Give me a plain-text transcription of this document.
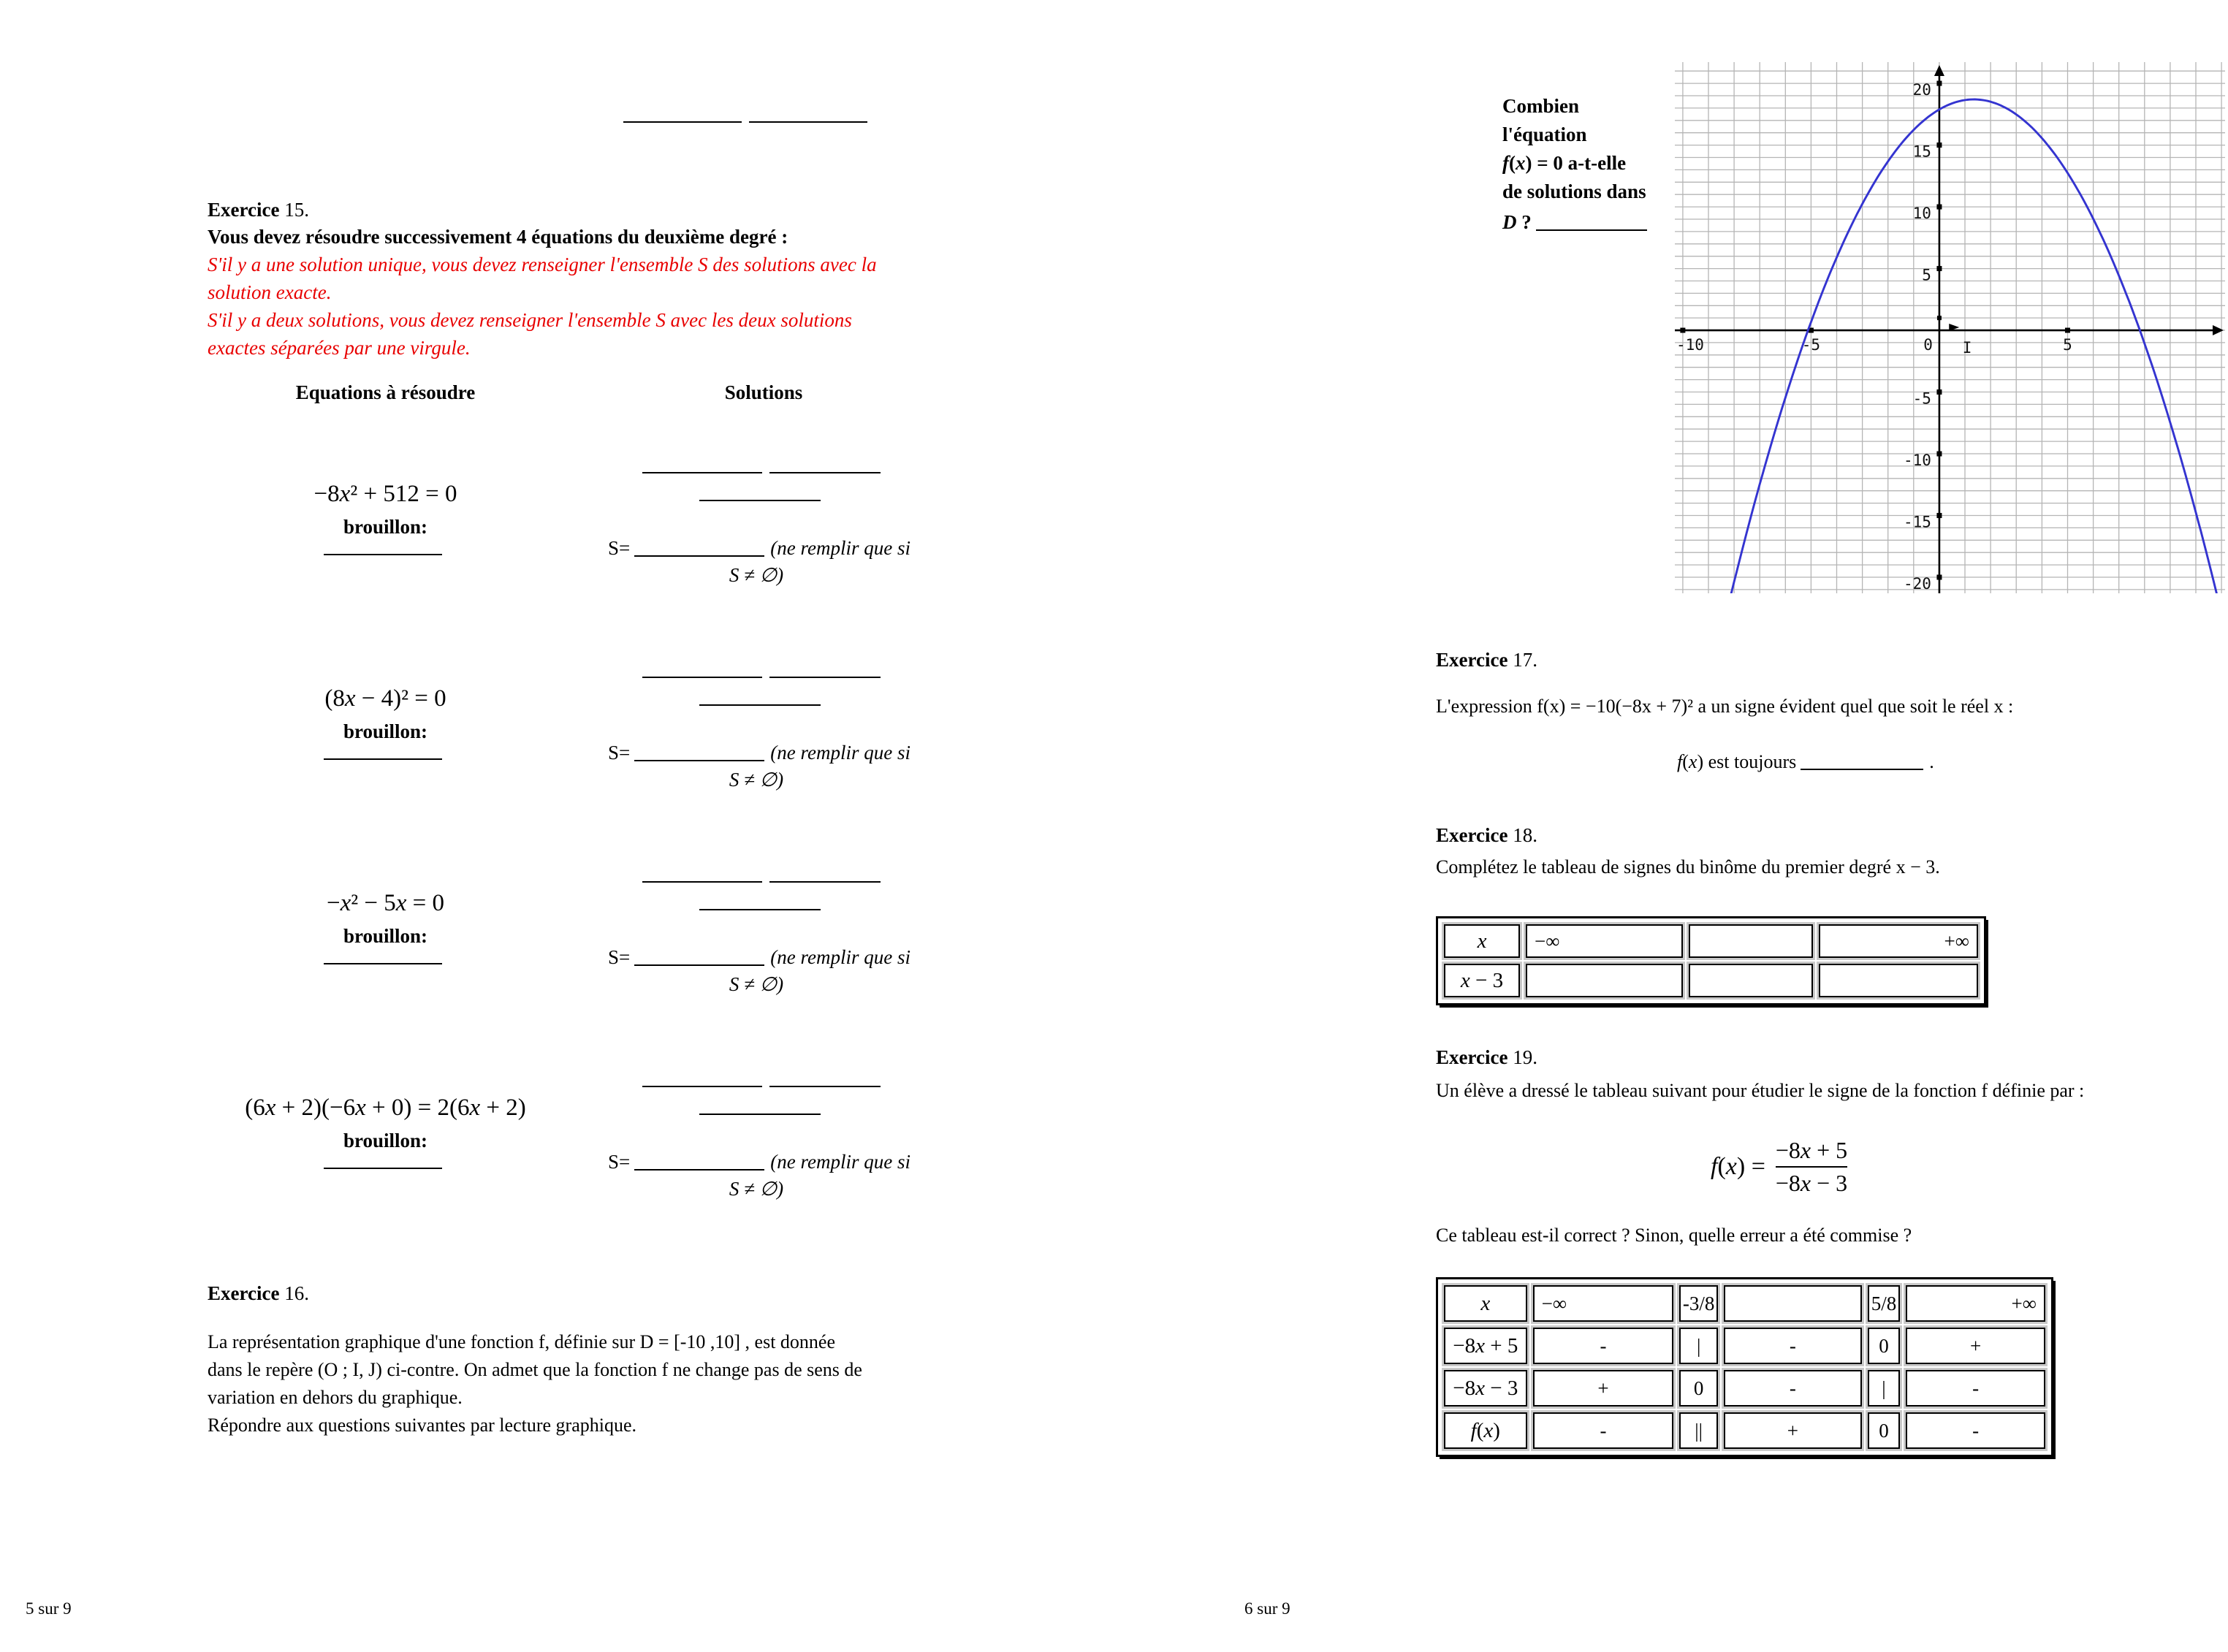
Exercice 15.
Vous devez résoudre successivement 4 équations du deuxième degré :
S'il y a une solution unique, vous devez renseigner l'ensemble S des solutions avec la
solution exacte.
S'il y a deux solutions, vous devez renseigner l'ensemble S avec les deux solutions
exactes séparées par une virgule.
Equations à résoudre	Solutions
−8x² + 512 = 0
brouillon:
S=	(ne remplir que si
S ≠ ∅)
(8x − 4)² = 0
brouillon:
S=	(ne remplir que si
S ≠ ∅)
−x² − 5x = 0
brouillon:
S=	(ne remplir que si
S ≠ ∅)
(6x + 2)(−6x + 0) = 2(6x + 2)
brouillon:
S=	(ne remplir que si
S ≠ ∅)
Exercice 16.
La représentation graphique d'une fonction f, définie sur D = [-10 ,10] , est donnée
dans le repère (O ; I, J) ci-contre. On admet que la fonction f ne change pas de sens de
variation en dehors du graphique.
Répondre aux questions suivantes par lecture graphique.
5 sur 9
Combien
l'équation
f(x) = 0 a-t-elle
de solutions dans
D ?
20
15
10
5
-5
-10
-15
-20
-10	-5	0	5
I
Exercice 17.
L'expression f(x) = −10(−8x + 7)² a un signe évident quel que soit le réel x :
f(x) est toujours	.
Exercice 18.
Complétez le tableau de signes du binôme du premier degré x − 3.
x	−∞		+∞
x − 3			
Exercice 19.
Un élève a dressé le tableau suivant pour étudier le signe de la fonction f définie par :
$f(x) = \frac{-8x + 5}{-8x - 3}$
Ce tableau est-il correct ? Sinon, quelle erreur a été commise ?
x	−∞	-3/8		5/8	+∞
−8x + 5	-	|	-	0	+
−8x − 3	+	0	-	|	-
f(x)	-	||	+	0	-
6 sur 9
